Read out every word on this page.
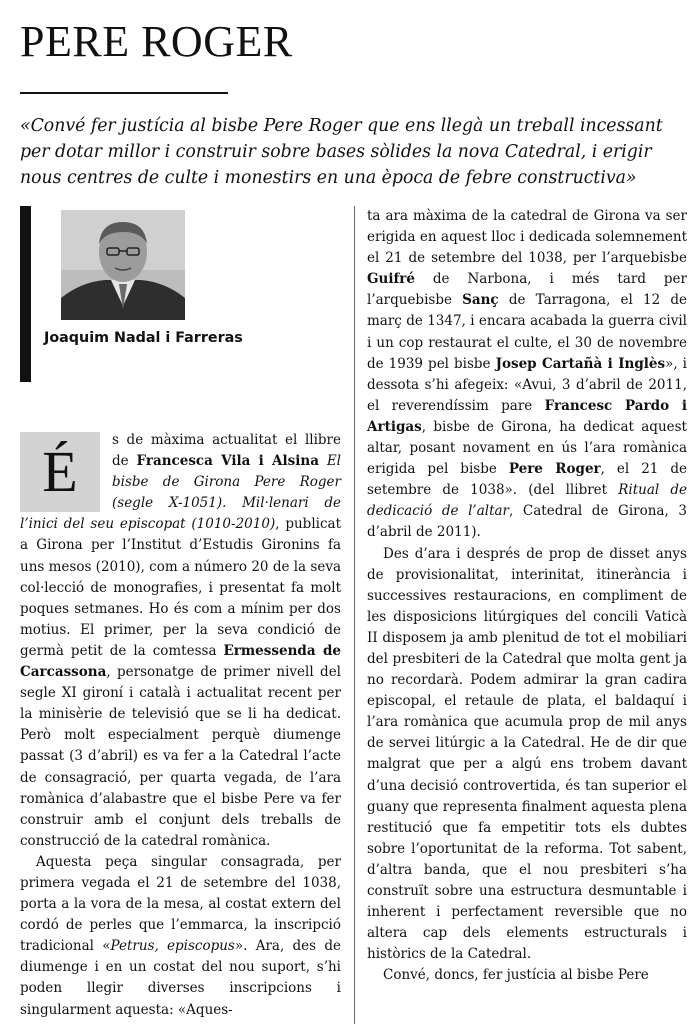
PERE ROGER

«Convé fer justícia al bisbe Pere Roger que ens llegà un treball incessant per dotar millor i construir sobre bases sòlides la nova Catedral, i erigir nous centres de culte i monestirs en una època de febre constructiva»

Joaquim Nadal i Farreras

É	s de màxima actualitat el llibre de Francesca Vila i Alsina El bisbe de Girona Pere Roger (segle X-1051). Mil·lenari de l’inici del seu episcopat (1010-2010), publicat a Girona per l’Institut d’Estudis Gironins fa uns mesos (2010), com a número 20 de la seva col·lecció de monografies, i presentat fa molt poques setmanes. Ho és com a mínim per dos motius. El primer, per la seva condició de germà petit de la comtessa Ermessenda de Carcassona, personatge de primer nivell del segle XI gironí i català i actualitat recent per la minisèrie de televisió que se li ha dedicat. Però molt especialment perquè diumenge passat (3 d’abril) es va fer a la Catedral l’acte de consagració, per quarta vegada, de l’ara romànica d’alabastre que el bisbe Pere va fer construir amb el conjunt dels treballs de construcció de la catedral romànica.

Aquesta peça singular consagrada, per primera vegada el 21 de setembre del 1038, porta a la vora de la mesa, al costat extern del cordó de perles que l’emmarca, la inscripció tradicional «Petrus, episcopus». Ara, des de diumenge i en un costat del nou suport, s’hi poden llegir diverses inscripcions i singularment aquesta: «Aques-

ta ara màxima de la catedral de Girona va ser erigida en aquest lloc i dedicada solemnement el 21 de setembre del 1038, per l’arquebisbe Guifré de Narbona, i més tard per l’arquebisbe Sanç de Tarragona, el 12 de març de 1347, i encara acabada la guerra civil i un cop restaurat el culte, el 30 de novembre de 1939 pel bisbe Josep Cartañà i Inglès», i dessota s’hi afegeix: «Avui, 3 d’abril de 2011, el reverendíssim pare Francesc Pardo i Artigas, bisbe de Girona, ha dedicat aquest altar, posant novament en ús l’ara romànica erigida pel bisbe Pere Roger, el 21 de setembre de 1038». (del llibret Ritual de dedicació de l’altar, Catedral de Girona, 3 d’abril de 2011).

Des d’ara i després de prop de disset anys de provisionalitat, interinitat, itinerància i successives restauracions, en compliment de les disposicions litúrgiques del concili Vaticà II disposem ja amb plenitud de tot el mobiliari del presbiteri de la Catedral que molta gent ja no recordarà. Podem admirar la gran cadira episcopal, el retaule de plata, el baldaquí i l’ara romànica que acumula prop de mil anys de servei litúrgic a la Catedral. He de dir que malgrat que per a algú ens trobem davant d’una decisió controvertida, és tan superior el guany que representa finalment aquesta plena restitució que fa empetitir tots els dubtes sobre l’oportunitat de la reforma. Tot sabent, d’altra banda, que el nou presbiteri s’ha construït sobre una estructura desmuntable i inherent i perfectament reversible que no altera cap dels elements estructurals i històrics de la Catedral.

Convé, doncs, fer justícia al bisbe Pere
